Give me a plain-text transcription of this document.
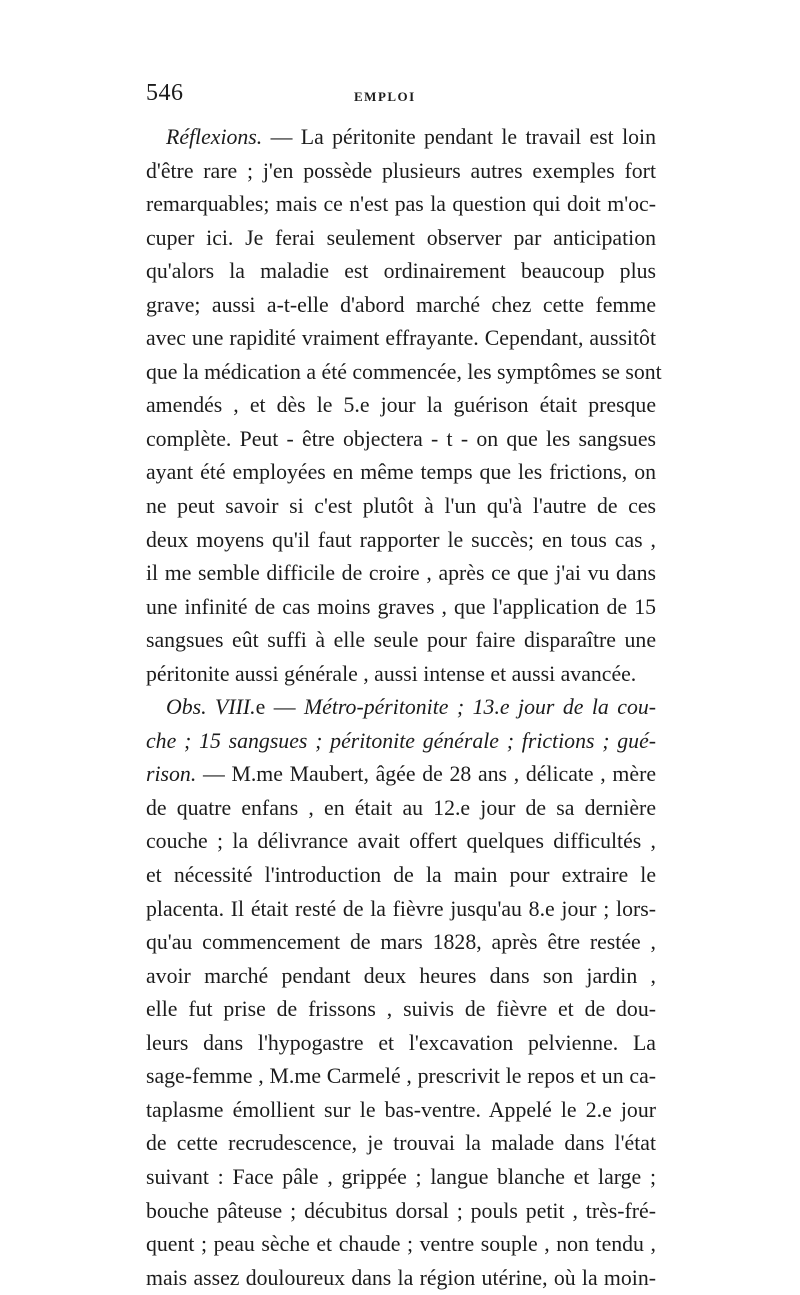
546	EMPLOI
Réflexions. — La péritonite pendant le travail est loin
d'être rare ; j'en possède plusieurs autres exemples fort
remarquables; mais ce n'est pas la question qui doit m'oc-
cuper ici. Je ferai seulement observer par anticipation
qu'alors la maladie est ordinairement beaucoup plus
grave; aussi a-t-elle d'abord marché chez cette femme
avec une rapidité vraiment effrayante. Cependant, aussitôt
que la médication a été commencée, les symptômes se sont
amendés , et dès le 5.e jour la guérison était presque
complète. Peut - être objectera - t - on que les sangsues
ayant été employées en même temps que les frictions, on
ne peut savoir si c'est plutôt à l'un qu'à l'autre de ces
deux moyens qu'il faut rapporter le succès; en tous cas ,
il me semble difficile de croire , après ce que j'ai vu dans
une infinité de cas moins graves , que l'application de 15
sangsues eût suffi à elle seule pour faire disparaître une
péritonite aussi générale , aussi intense et aussi avancée.
Obs. VIII.e — Métro-péritonite ; 13.e jour de la cou-
che ; 15 sangsues ; péritonite générale ; frictions ; gué-
rison. — M.me Maubert, âgée de 28 ans , délicate , mère
de quatre enfans , en était au 12.e jour de sa dernière
couche ; la délivrance avait offert quelques difficultés ,
et nécessité l'introduction de la main pour extraire le
placenta. Il était resté de la fièvre jusqu'au 8.e jour ; lors-
qu'au commencement de mars 1828, après être restée ,
avoir marché pendant deux heures dans son jardin ,
elle fut prise de frissons , suivis de fièvre et de dou-
leurs dans l'hypogastre et l'excavation pelvienne. La
sage-femme , M.me Carmelé , prescrivit le repos et un ca-
taplasme émollient sur le bas-ventre. Appelé le 2.e jour
de cette recrudescence, je trouvai la malade dans l'état
suivant : Face pâle , grippée ; langue blanche et large ;
bouche pâteuse ; décubitus dorsal ; pouls petit , très-fré-
quent ; peau sèche et chaude ; ventre souple , non tendu ,
mais assez douloureux dans la région utérine, où la moin-
